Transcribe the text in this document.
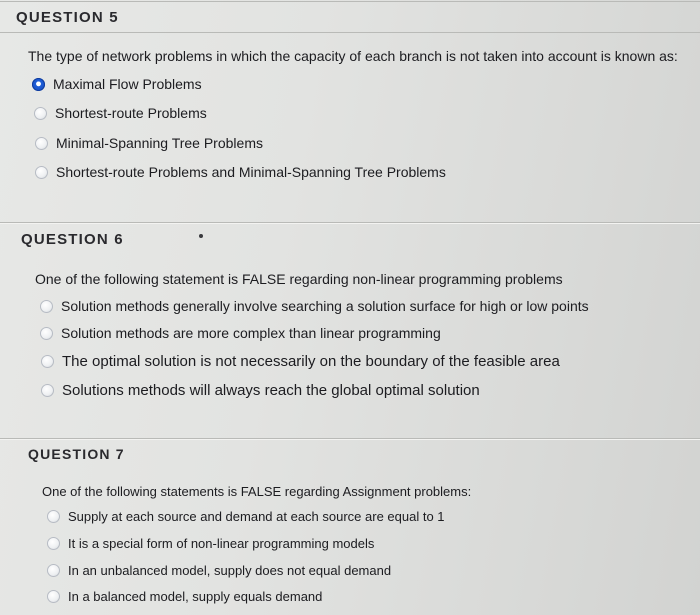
QUESTION 5
The type of network problems in which the capacity of each branch is not taken into account is known as:
Maximal Flow Problems
Shortest-route Problems
Minimal-Spanning Tree Problems
Shortest-route Problems and Minimal-Spanning Tree Problems
QUESTION 6
One of the following statement is FALSE regarding non-linear programming problems
Solution methods generally involve searching a solution surface for high or low points
Solution methods are more complex than linear programming
The optimal solution is not necessarily on the boundary of the feasible area
Solutions methods will always reach the global optimal solution
QUESTION 7
One of the following statements is FALSE regarding Assignment problems:
Supply at each source and demand at each source are equal to 1
It is a special form of non-linear programming models
In an unbalanced model, supply does not equal demand
In a balanced model, supply equals demand
